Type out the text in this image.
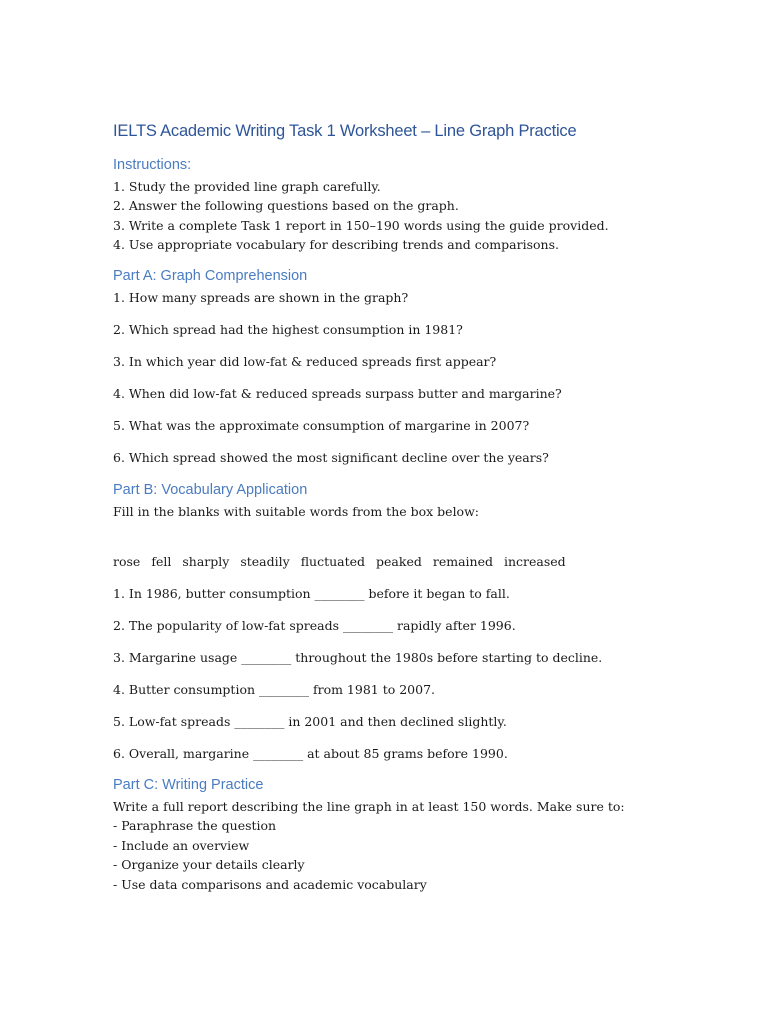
IELTS Academic Writing Task 1 Worksheet – Line Graph Practice
Instructions:

1. Study the provided line graph carefully.

2. Answer the following questions based on the graph.

3. Write a complete Task 1 report in 150–190 words using the guide provided.

4. Use appropriate vocabulary for describing trends and comparisons.

Part A: Graph Comprehension

1. How many spreads are shown in the graph?

2. Which spread had the highest consumption in 1981?

3. In which year did low-fat & reduced spreads first appear?

4. When did low-fat & reduced spreads surpass butter and margarine?

5. What was the approximate consumption of margarine in 2007?

6. Which spread showed the most significant decline over the years?

Part B: Vocabulary Application

Fill in the blanks with suitable words from the box below:

rose fell sharply steadily fluctuated peaked remained increased

1. In 1986, butter consumption ________ before it began to fall.

2. The popularity of low-fat spreads ________ rapidly after 1996.

3. Margarine usage ________ throughout the 1980s before starting to decline.

4. Butter consumption ________ from 1981 to 2007.

5. Low-fat spreads ________ in 2001 and then declined slightly.

6. Overall, margarine ________ at about 85 grams before 1990.

Part C: Writing Practice

Write a full report describing the line graph in at least 150 words. Make sure to:

- Paraphrase the question

- Include an overview

- Organize your details clearly

- Use data comparisons and academic vocabulary
